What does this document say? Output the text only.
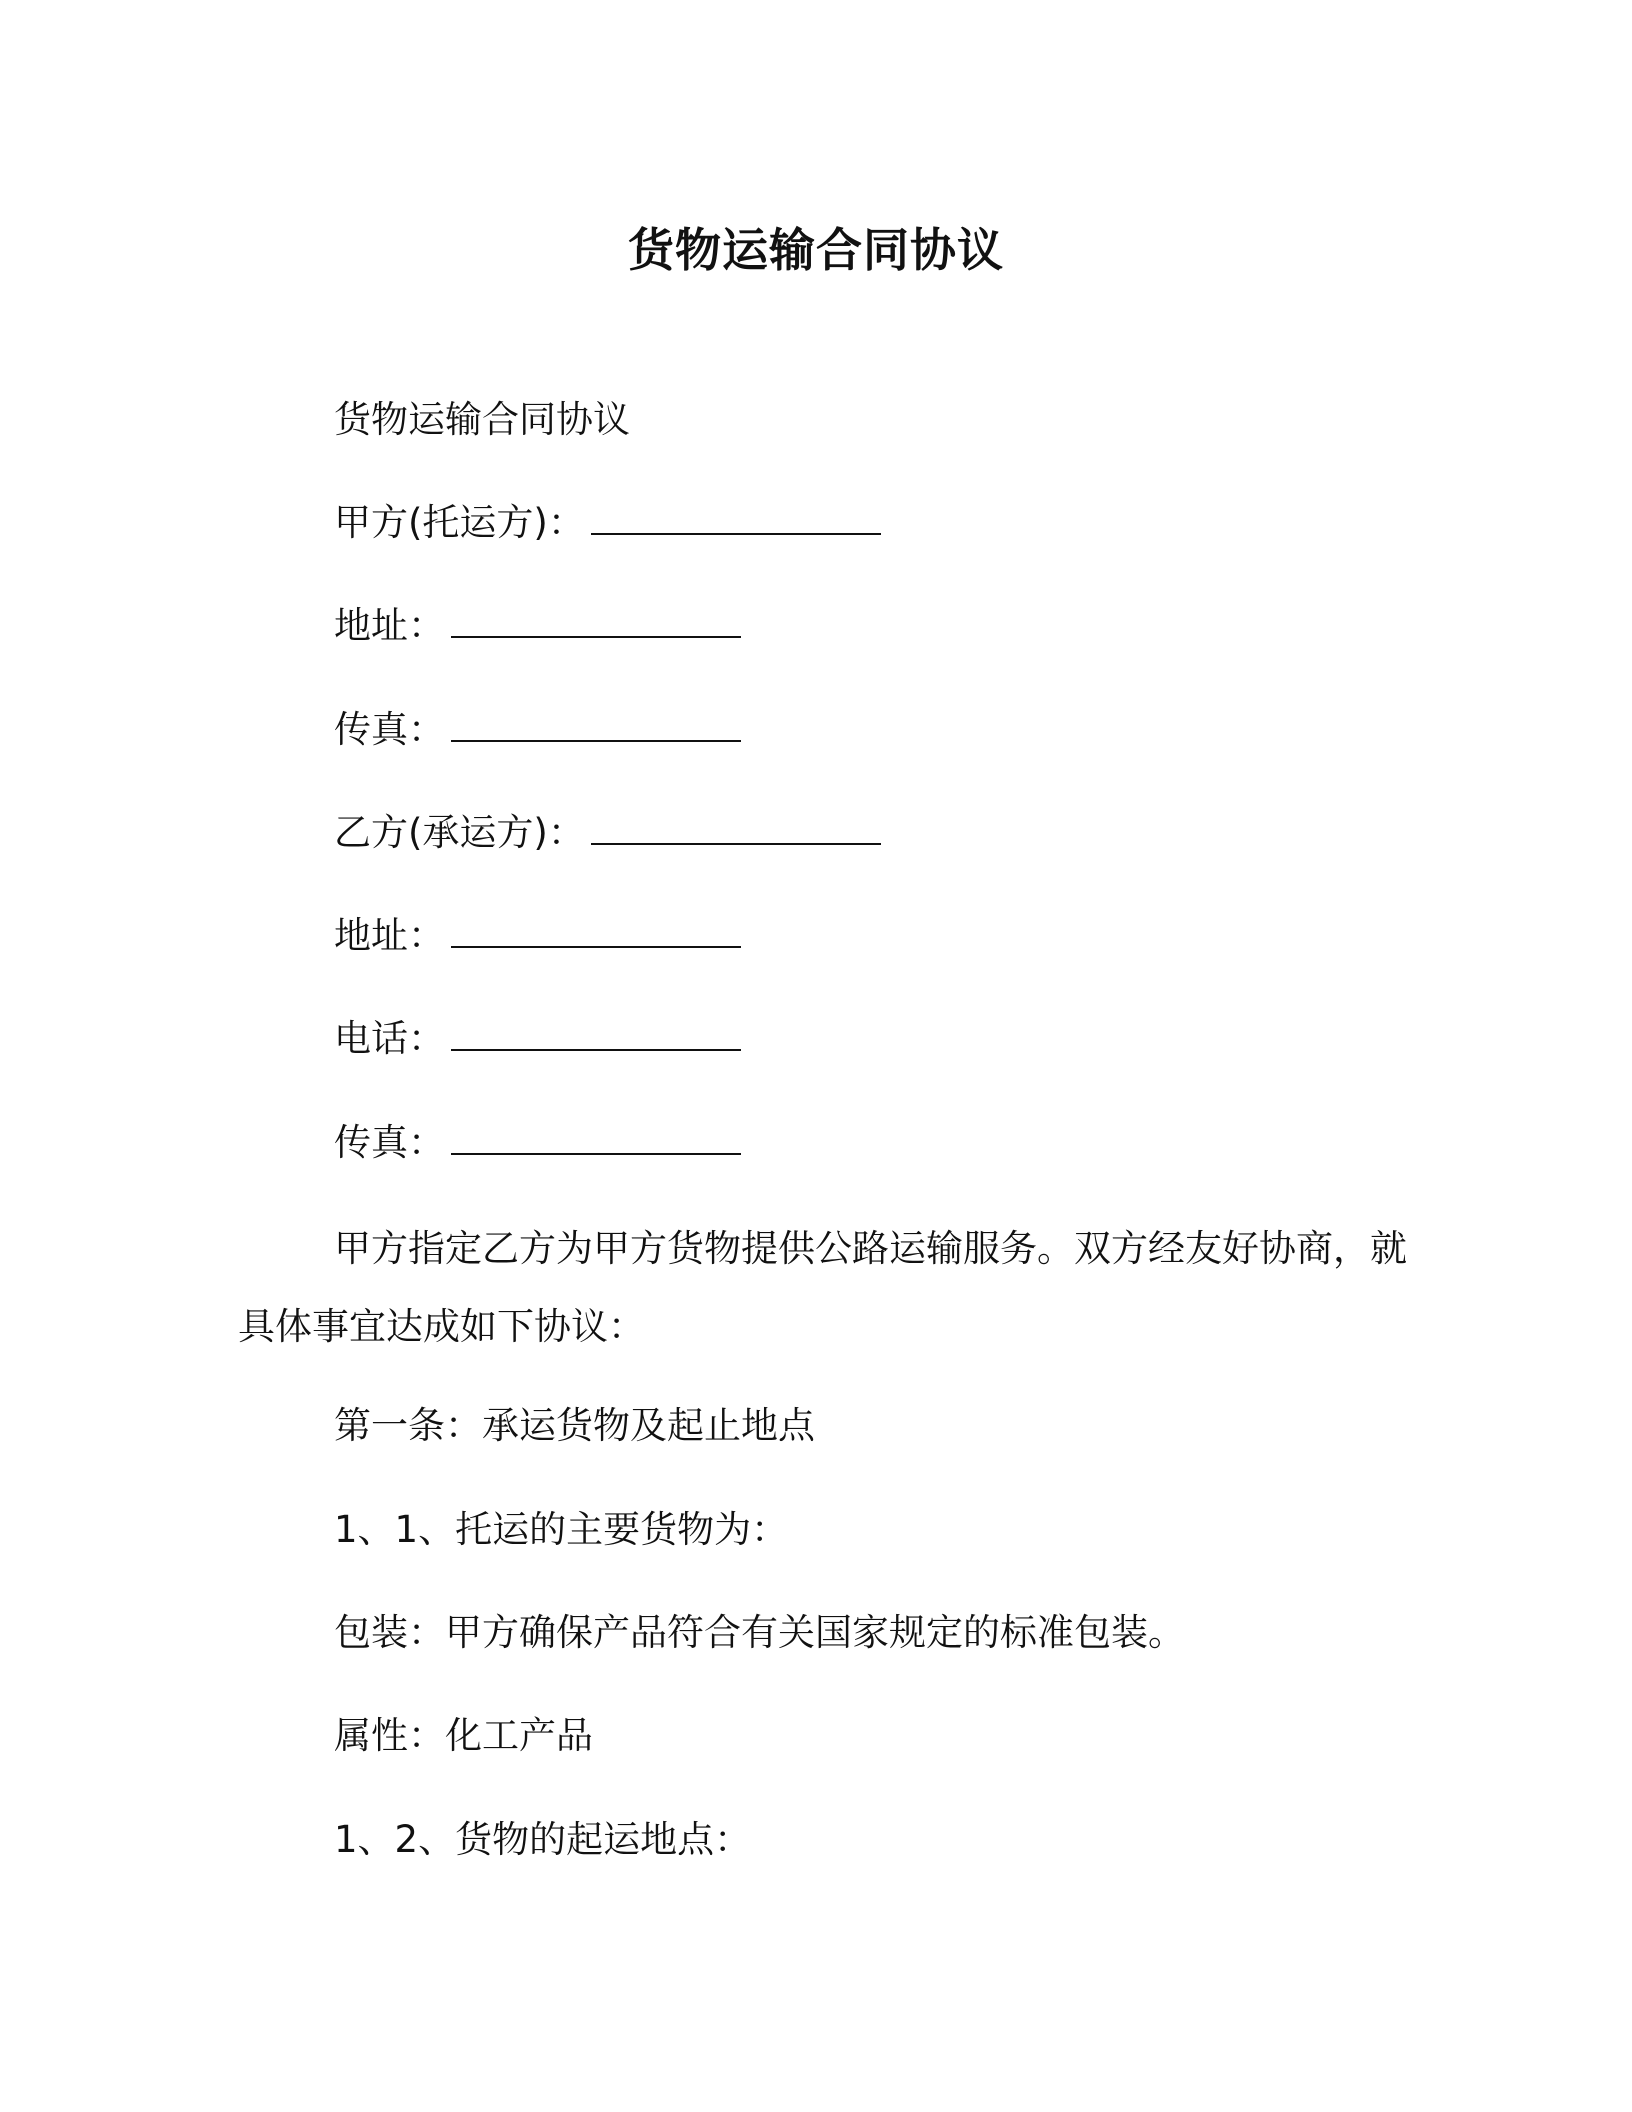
货物运输合同协议
货物运输合同协议
甲方(托运方)：
地址：
传真：
乙方(承运方)：
地址：
电话：
传真：

甲方指定乙方为甲方货物提供公路运输服务。双方经友好协商，就具体事宜达成如下协议：

第一条：承运货物及起止地点
1、1、托运的主要货物为：
包装：甲方确保产品符合有关国家规定的标准包装。
属性：化工产品
1、2、货物的起运地点：
